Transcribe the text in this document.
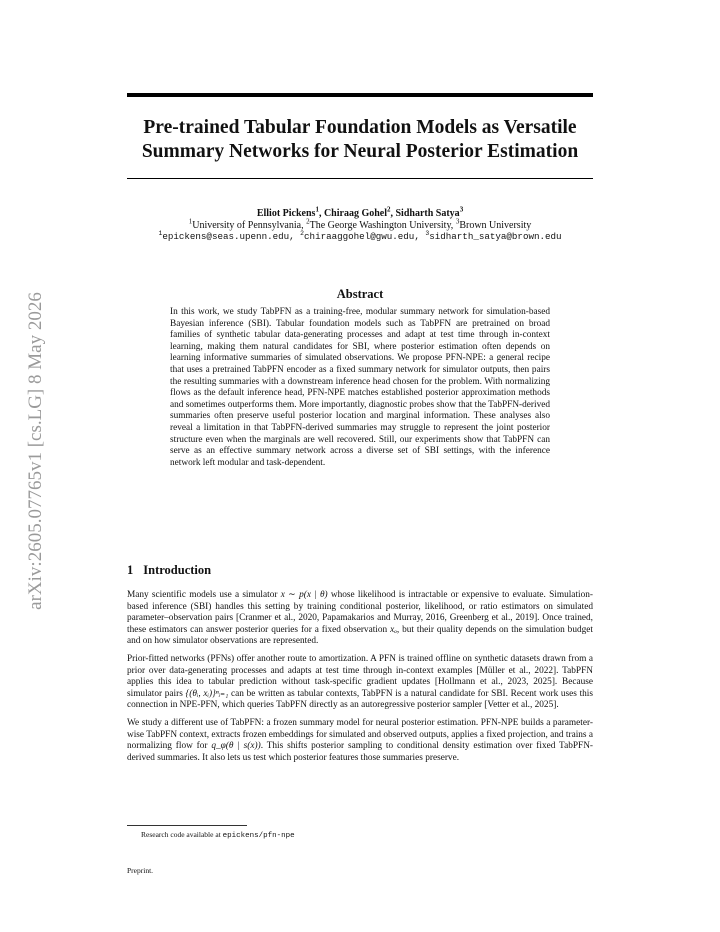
arXiv:2605.07765v1 [cs.LG] 8 May 2026
Pre-trained Tabular Foundation Models as Versatile
Summary Networks for Neural Posterior Estimation
Elliot Pickens$^1$, Chiraag Gohel$^2$, Sidharth Satya$^3$
$^1$University of Pennsylvania, $^2$The George Washington University, $^3$Brown University
$^1$epickens@seas.upenn.edu, $^2$chiraaggohel@gwu.edu, $^3$sidharth_satya@brown.edu
Abstract
In this work, we study TabPFN as a training-free, modular summary network for simulation-based Bayesian inference (SBI). Tabular foundation models such as TabPFN are pretrained on broad families of synthetic tabular data-generating processes and adapt at test time through in-context learning, making them natural candidates for SBI, where posterior estimation often depends on learning informative summaries of simulated observations. We propose PFN-NPE: a general recipe that uses a pretrained TabPFN encoder as a fixed summary network for simulator outputs, then pairs the resulting summaries with a downstream inference head chosen for the problem. With normalizing flows as the default inference head, PFN-NPE matches established posterior approximation methods and sometimes outperforms them. More importantly, diagnostic probes show that the TabPFN-derived summaries often preserve useful posterior location and marginal information. These analyses also reveal a limitation in that TabPFN-derived summaries may struggle to represent the joint posterior structure even when the marginals are well recovered. Still, our experiments show that TabPFN can serve as an effective summary network across a diverse set of SBI settings, with the inference network left modular and task-dependent.
1 Introduction

Many scientific models use a simulator x ∼ p(x | θ) whose likelihood is intractable or expensive to evaluate. Simulation-based inference (SBI) handles this setting by training conditional posterior, likelihood, or ratio estimators on simulated parameter–observation pairs [Cranmer et al., 2020, Papamakarios and Murray, 2016, Greenberg et al., 2019]. Once trained, these estimators can answer posterior queries for a fixed observation xₒ, but their quality depends on the simulation budget and on how simulator observations are represented.

Prior-fitted networks (PFNs) offer another route to amortization. A PFN is trained offline on synthetic datasets drawn from a prior over data-generating processes and adapts at test time through in-context examples [Müller et al., 2022]. TabPFN applies this idea to tabular prediction without task-specific gradient updates [Hollmann et al., 2023, 2025]. Because simulator pairs {(θᵢ, xᵢ)}ⁿᵢ₌₁ can be written as tabular contexts, TabPFN is a natural candidate for SBI. Recent work uses this connection in NPE-PFN, which queries TabPFN directly as an autoregressive posterior sampler [Vetter et al., 2025].

We study a different use of TabPFN: a frozen summary model for neural posterior estimation. PFN-NPE builds a parameter-wise TabPFN context, extracts frozen embeddings for simulated and observed outputs, applies a fixed projection, and trains a normalizing flow for q_φ(θ | s(x)). This shifts posterior sampling to conditional density estimation over fixed TabPFN-derived summaries. It also lets us test which posterior features those summaries preserve.

Research code available at epickens/pfn-npe
Preprint.
